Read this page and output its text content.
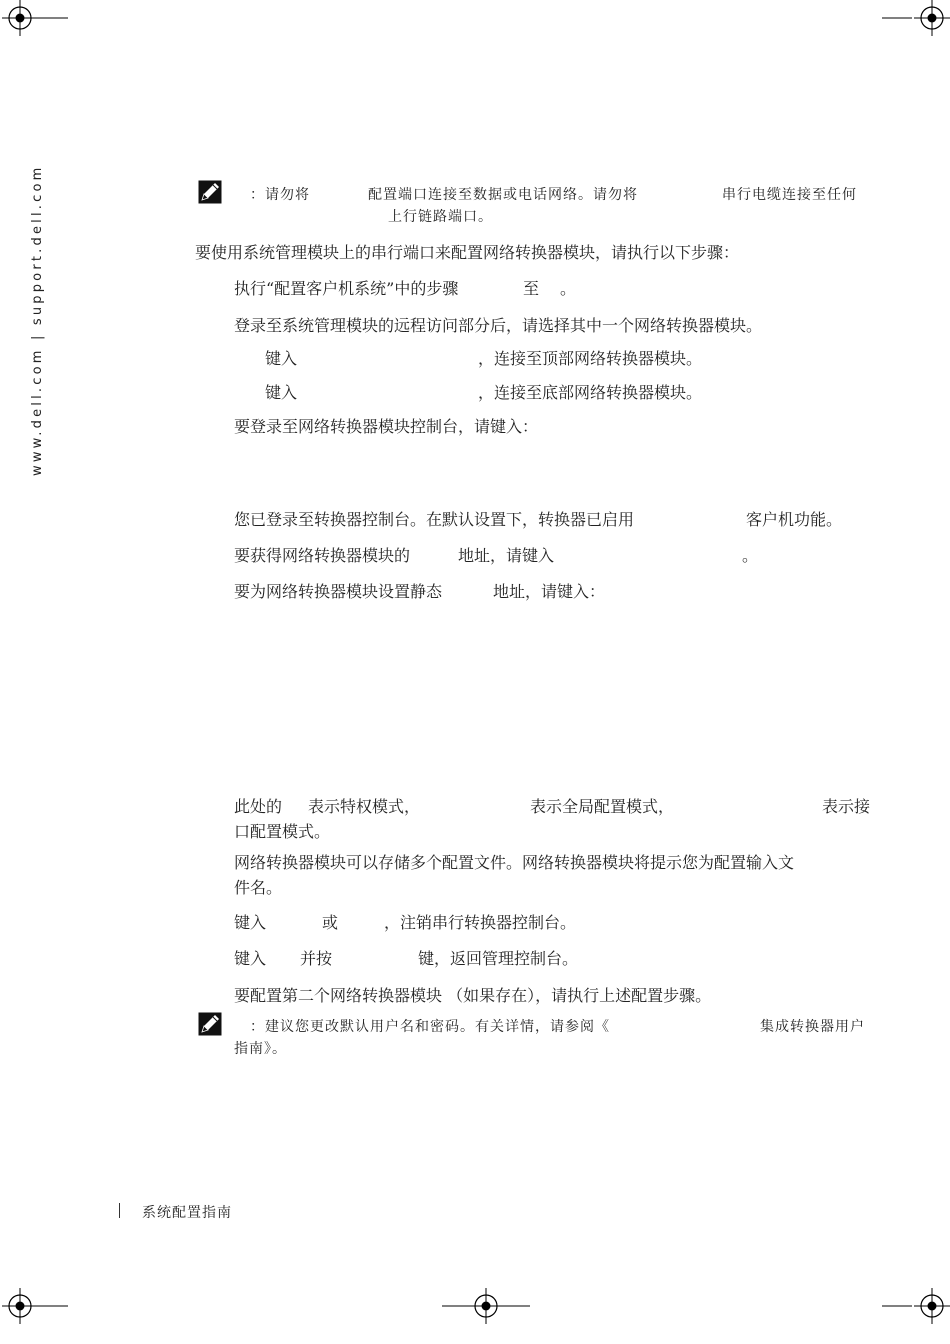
www.dell.com | support.dell.com	：请勿将	配置端口连接至数据或电话网络。请勿将	串行电缆连接至任何
上行链路端口。
要使用系统管理模块上的串行端口来配置网络转换器模块，请执行以下步骤：
执行“配置客户机系统”中的步骤	至 。
登录至系统管理模块的远程访问部分后，请选择其中一个网络转换器模块。
键入	，连接至顶部网络转换器模块。
键入	，连接至底部网络转换器模块。
要登录至网络转换器模块控制台，请键入：
您已登录至转换器控制台。在默认设置下，转换器已启用	客户机功能。
要获得网络转换器模块的	地址，请键入	。
要为网络转换器模块设置静态	地址，请键入：
此处的 表示特权模式，	表示全局配置模式，	表示接
口配置模式。
网络转换器模块可以存储多个配置文件。网络转换器模块将提示您为配置输入文
件名。
键入	或	，注销串行转换器控制台。
键入 并按	键，返回管理控制台。
要配置第二个网络转换器模块 （如果存在），请执行上述配置步骤。
：建议您更改默认用户名和密码。有关详情，请参阅《	集成转换器用户
指南》。
系统配置指南
